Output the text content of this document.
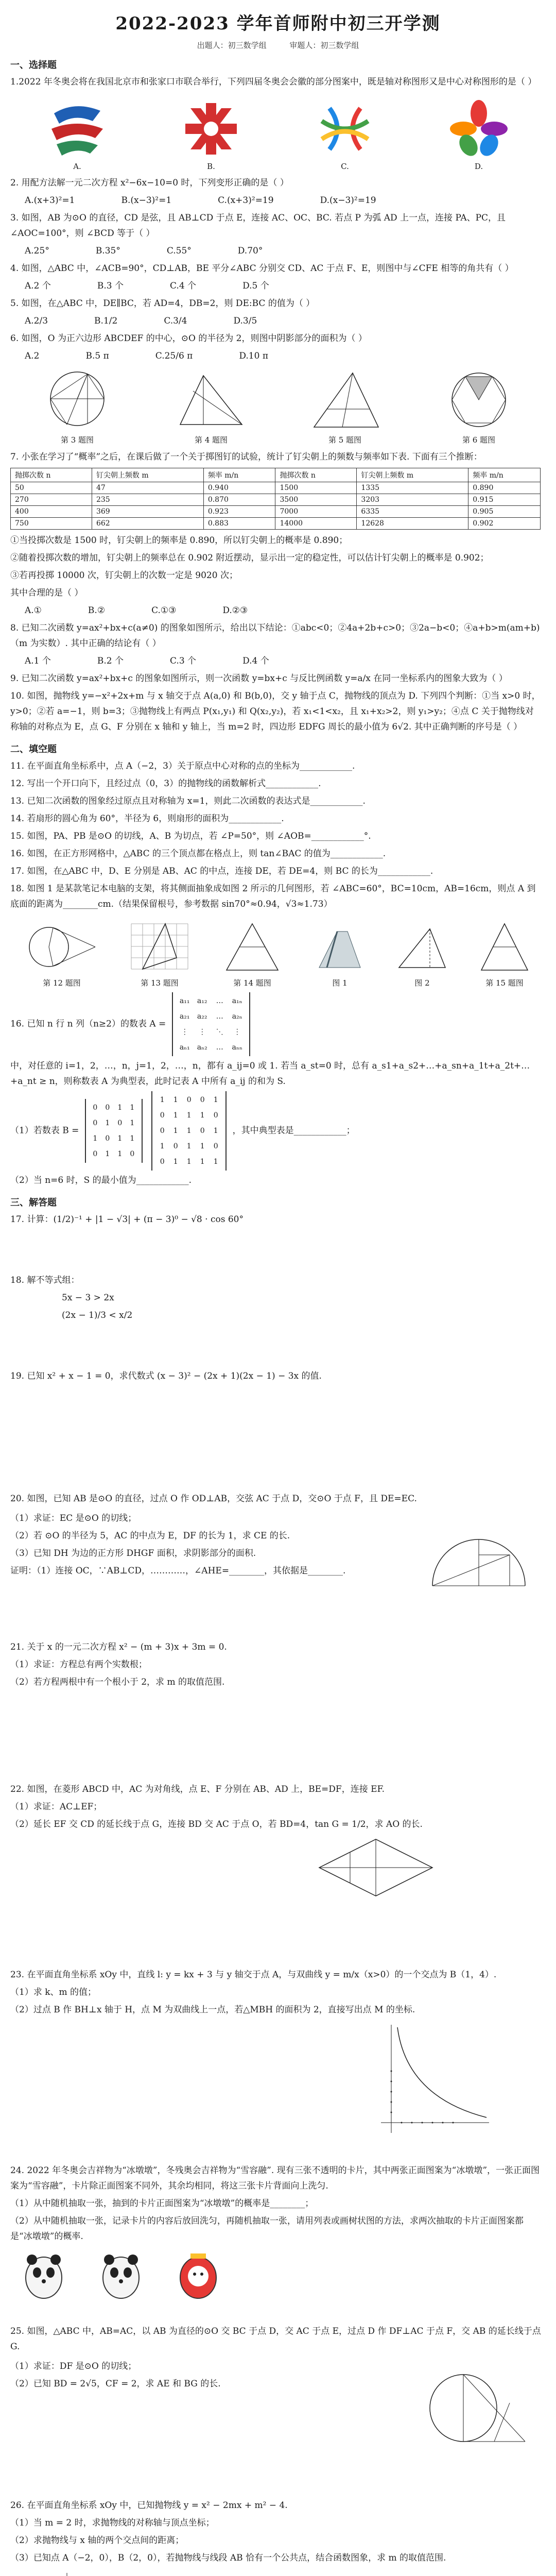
2022-2023 学年首师附中初三开学测
出题人：初三数学组	审题人：初三数学组
一、选择题
1.2022 年冬奥会将在我国北京市和张家口市联合举行，下列四届冬奥会会徽的部分图案中，既是轴对称图形又是中心对称图形的是（ ）
A.	B.	C.	D.
2. 用配方法解一元二次方程 x²−6x−10=0 时，下列变形正确的是（ ）
A.(x+3)²=1	B.(x−3)²=1	C.(x+3)²=19	D.(x−3)²=19
3. 如图，AB 为⊙O 的直径，CD 是弦，且 AB⊥CD 于点 E，连接 AC、OC、BC. 若点 P 为弧 AD 上一点，连接 PA、PC，且 ∠AOC=100°，则 ∠BCD 等于（ ）
A.25°	B.35°	C.55°	D.70°
4. 如图，△ABC 中，∠ACB=90°，CD⊥AB，BE 平分∠ABC 分别交 CD、AC 于点 F、E，则图中与∠CFE 相等的角共有（ ）
A.2 个	B.3 个	C.4 个	D.5 个
5. 如图，在△ABC 中，DE∥BC，若 AD=4，DB=2，则 DE:BC 的值为（ ）
A.2/3	B.1/2	C.3/4	D.3/5
6. 如图，O 为正六边形 ABCDEF 的中心，⊙O 的半径为 2，则图中阴影部分的面积为（ ）
A.2	B.5 π	C.25/6 π	D.10 π
第 3 题图	第 4 题图	第 5 题图	第 6 题图
7. 小张在学习了“概率”之后，在课后做了一个关于掷图钉的试验，统计了钉尖朝上的频数与频率如下表. 下面有三个推断：
抛掷次数 n	钉尖朝上频数 m	频率 m/n	抛掷次数 n	钉尖朝上频数 m	频率 m/n
50	47	0.940	1500	1335	0.890
270	235	0.870	3500	3203	0.915
400	369	0.923	7000	6335	0.905
750	662	0.883	14000	12628	0.902
①当投掷次数是 1500 时，钉尖朝上的频率是 0.890，所以钉尖朝上的概率是 0.890；
②随着投掷次数的增加，钉尖朝上的频率总在 0.902 附近摆动，显示出一定的稳定性，可以估计钉尖朝上的概率是 0.902；
③若再投掷 10000 次，钉尖朝上的次数一定是 9020 次；
其中合理的是（ ）
A.①	B.②	C.①③	D.②③
8. 已知二次函数 y=ax²+bx+c(a≠0) 的图象如图所示，给出以下结论：①abc<0；②4a+2b+c>0；③2a−b<0；④a+b>m(am+b)（m 为实数）. 其中正确的结论有（ ）
A.1 个	B.2 个	C.3 个	D.4 个
9. 已知二次函数 y=ax²+bx+c 的图象如图所示，则一次函数 y=bx+c 与反比例函数 y=a/x 在同一坐标系内的图象大致为（ ）
10. 如图，抛物线 y=−x²+2x+m 与 x 轴交于点 A(a,0) 和 B(b,0)，交 y 轴于点 C，抛物线的顶点为 D. 下列四个判断：①当 x>0 时，y>0；②若 a=−1，则 b=3；③抛物线上有两点 P(x₁,y₁) 和 Q(x₂,y₂)，若 x₁<1<x₂，且 x₁+x₂>2，则 y₁>y₂；④点 C 关于抛物线对称轴的对称点为 E，点 G、F 分别在 x 轴和 y 轴上，当 m=2 时，四边形 EDFG 周长的最小值为 6√2. 其中正确判断的序号是（ ）
二、填空题
11. 在平面直角坐标系中，点 A（−2，3）关于原点中心对称的点的坐标为____________.
12. 写出一个开口向下，且经过点（0，3）的抛物线的函数解析式____________.
13. 已知二次函数的图象经过原点且对称轴为 x=1，则此二次函数的表达式是____________.
14. 若扇形的圆心角为 60°，半径为 6，则扇形的面积为____________.
15. 如图，PA、PB 是⊙O 的切线，A、B 为切点，若 ∠P=50°，则 ∠AOB=____________°.
16. 如图，在正方形网格中，△ABC 的三个顶点都在格点上，则 tan∠BAC 的值为____________.
17. 如图，在△ABC 中，D、E 分别是 AB、AC 的中点，连接 DE，若 DE=4，则 BC 的长为____________.
18. 如图 1 是某款笔记本电脑的支架，将其侧面抽象成如图 2 所示的几何图形，若 ∠ABC=60°，BC=10cm，AB=16cm，则点 A 到底面的距离为________cm.（结果保留根号，参考数据 sin70°≈0.94，√3≈1.73）
第 12 题图	第 13 题图	第 14 题图	图 1	图 2	第 15 题图
16. 已知 n 行 n 列（n≥2）的数表 A =
a₁₁	a₁₂	…	a₁ₙ
a₂₁	a₂₂	…	a₂ₙ
⋮	⋮	⋱	⋮
aₙ₁ aₙ₂	…	aₙₙ
中，对任意的 i=1，2，…，n，j=1，2，…，n，都有 a_ij=0 或 1. 若当 a_st=0 时，总有 a_s1+a_s2+…+a_sn+a_1t+a_2t+…+a_nt ≥ n，则称数表 A 为典型表，此时记表 A 中所有 a_ij 的和为 S.
（1）若数表 B =
0	0	1	1
0	1	0	1
1	0	1	1
0	1	1	0

1	1	0	0	1
0	1	1	1	0
0	1	1	0	1
1	0	1	1	0
0	1	1	1	1
，其中典型表是____________；
（2）当 n=6 时，S 的最小值为____________.
三、解答题
17. 计算：(1/2)⁻¹ + |1 − √3| + (π − 3)⁰ − √8 · cos 60°
18. 解不等式组：
5x − 3 > 2x
(2x − 1)/3 < x/2
19. 已知 x² + x − 1 = 0，求代数式 (x − 3)² − (2x + 1)(2x − 1) − 3x 的值.
20. 如图，已知 AB 是⊙O 的直径，过点 O 作 OD⊥AB，交弦 AC 于点 D，交⊙O 于点 F，且 DE=EC.
（1）求证：EC 是⊙O 的切线；
（2）若 ⊙O 的半径为 5，AC 的中点为 E，DF 的长为 1，求 CE 的长.
（3）已知 DH 为边的正方形 DHGF 面积，求阴影部分的面积.
证明：（1）连接 OC，∵AB⊥CD，…………，∠AHE=________，其依据是________.
21. 关于 x 的一元二次方程 x² − (m + 3)x + 3m = 0.
（1）求证：方程总有两个实数根；
（2）若方程两根中有一个根小于 2，求 m 的取值范围.
22. 如图，在菱形 ABCD 中，AC 为对角线，点 E、F 分别在 AB、AD 上，BE=DF，连接 EF.
（1）求证：AC⊥EF；
（2）延长 EF 交 CD 的延长线于点 G，连接 BD 交 AC 于点 O，若 BD=4，tan G = 1/2，求 AO 的长.
23. 在平面直角坐标系 xOy 中，直线 l: y = kx + 3 与 y 轴交于点 A，与双曲线 y = m/x（x>0）的一个交点为 B（1，4）.
（1）求 k、m 的值；
（2）过点 B 作 BH⊥x 轴于 H，点 M 为双曲线上一点，若△MBH 的面积为 2，直接写出点 M 的坐标.
24. 2022 年冬奥会吉祥物为“冰墩墩”，冬残奥会吉祥物为“雪容融”. 现有三张不透明的卡片，其中两张正面图案为“冰墩墩”，一张正面图案为“雪容融”，卡片除正面图案不同外，其余均相同，将这三张卡片背面向上洗匀.
（1）从中随机抽取一张，抽到的卡片正面图案为“冰墩墩”的概率是________；
（2）从中随机抽取一张，记录卡片的内容后放回洗匀，再随机抽取一张，请用列表或画树状图的方法，求两次抽取的卡片正面图案都是“冰墩墩”的概率.
25. 如图，△ABC 中，AB=AC，以 AB 为直径的⊙O 交 BC 于点 D，交 AC 于点 E，过点 D 作 DF⊥AC 于点 F，交 AB 的延长线于点 G.
（1）求证：DF 是⊙O 的切线；
（2）已知 BD = 2√5，CF = 2，求 AE 和 BG 的长.
26. 在平面直角坐标系 xOy 中，已知抛物线 y = x² − 2mx + m² − 4.
（1）当 m = 2 时，求抛物线的对称轴与顶点坐标；
（2）求抛物线与 x 轴的两个交点间的距离；
（3）已知点 A（−2，0），B（2，0），若抛物线与线段 AB 恰有一个公共点，结合函数图象，求 m 的取值范围.
